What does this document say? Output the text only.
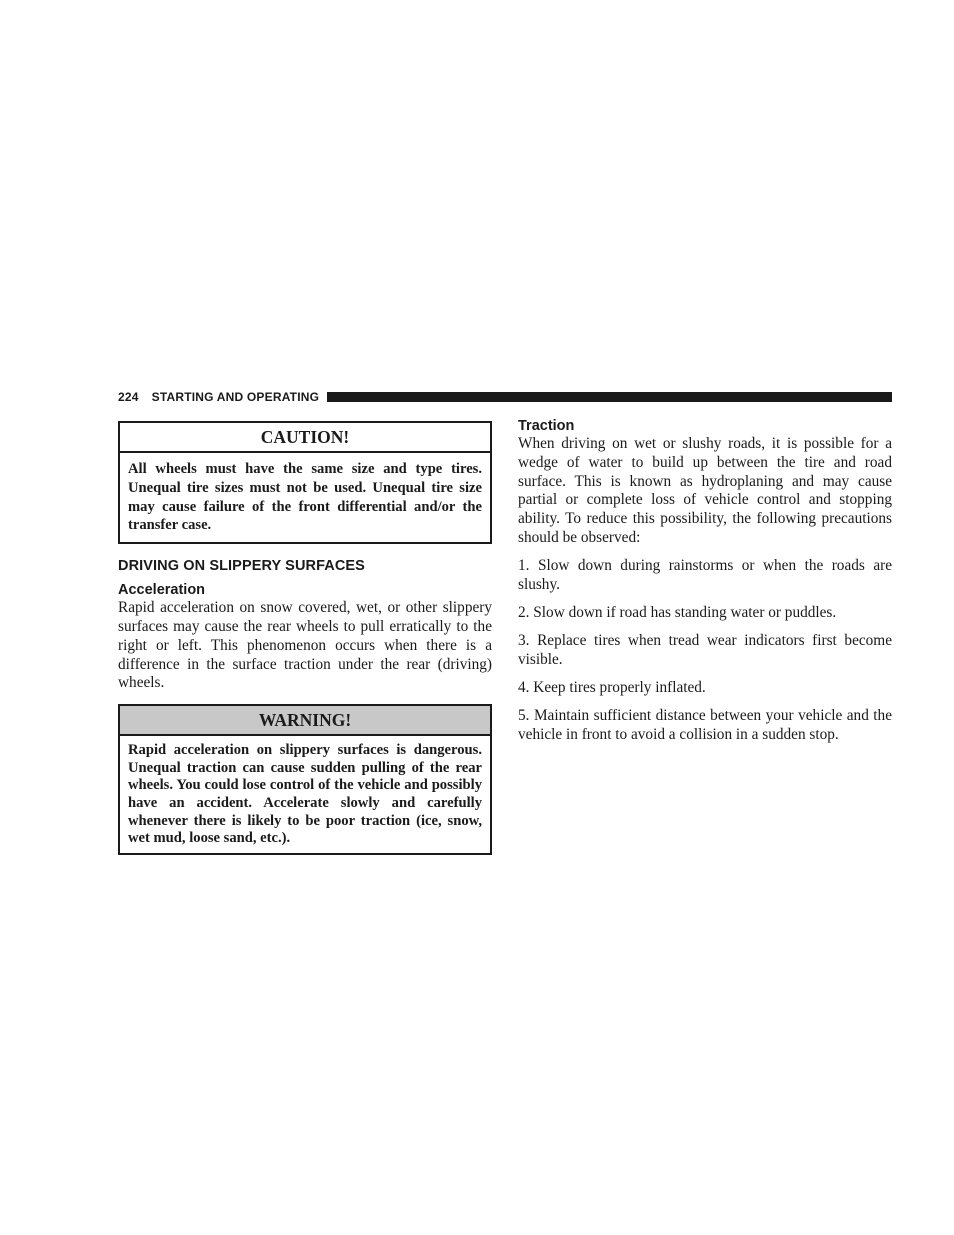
224 STARTING AND OPERATING
CAUTION!
All wheels must have the same size and type tires. Unequal tire sizes must not be used. Unequal tire size may cause failure of the front differential and/or the transfer case.
DRIVING ON SLIPPERY SURFACES
Acceleration

Rapid acceleration on snow covered, wet, or other slippery surfaces may cause the rear wheels to pull erratically to the right or left. This phenomenon occurs when there is a difference in the surface traction under the rear (driving) wheels.

WARNING!
Rapid acceleration on slippery surfaces is dangerous. Unequal traction can cause sudden pulling of the rear wheels. You could lose control of the vehicle and possibly have an accident. Accelerate slowly and carefully whenever there is likely to be poor traction (ice, snow, wet mud, loose sand, etc.).
Traction

When driving on wet or slushy roads, it is possible for a wedge of water to build up between the tire and road surface. This is known as hydroplaning and may cause partial or complete loss of vehicle control and stopping ability. To reduce this possibility, the following precautions should be observed:

1. Slow down during rainstorms or when the roads are slushy.
2. Slow down if road has standing water or puddles.
3. Replace tires when tread wear indicators first become visible.
4. Keep tires properly inflated.
5. Maintain sufficient distance between your vehicle and the vehicle in front to avoid a collision in a sudden stop.
